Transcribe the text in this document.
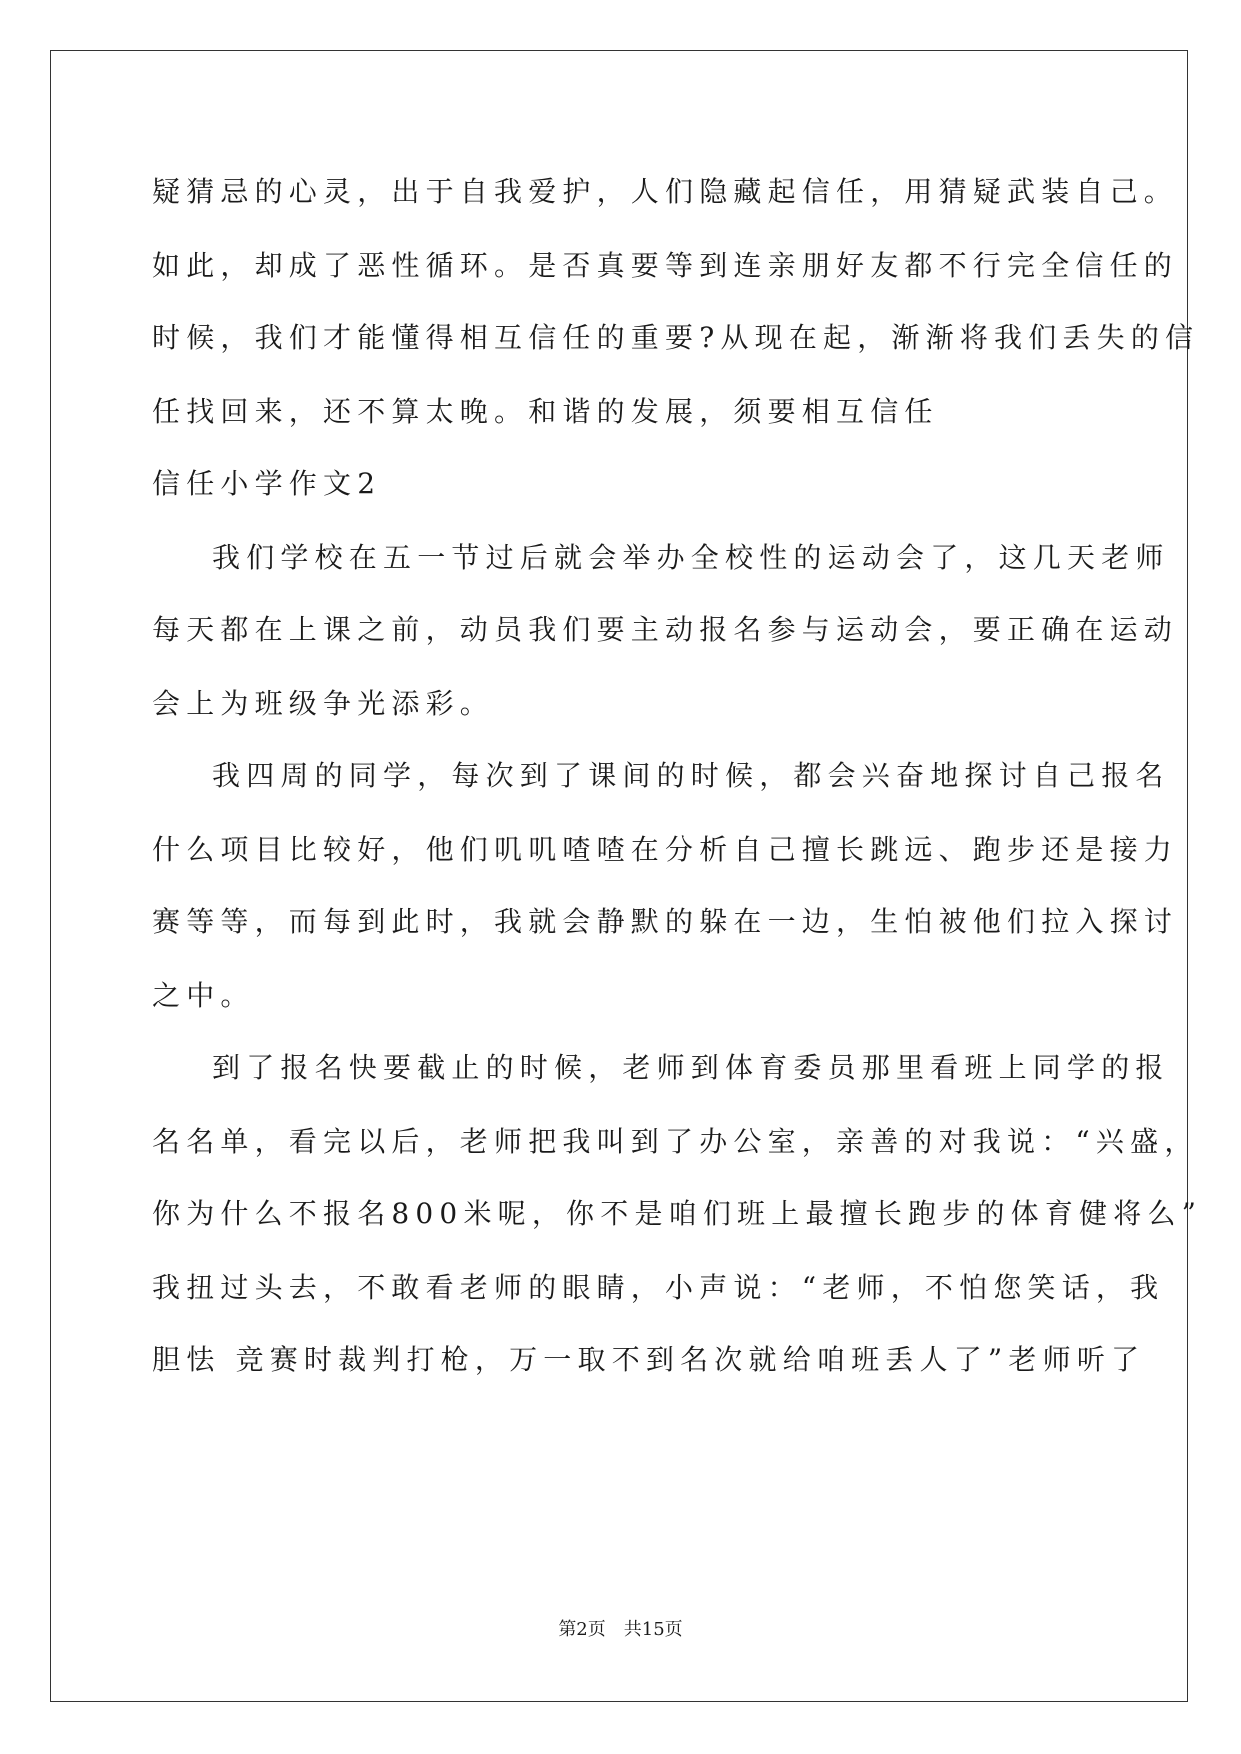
疑猜忌的心灵，出于自我爱护，人们隐藏起信任，用猜疑武装自己。
如此，却成了恶性循环。是否真要等到连亲朋好友都不行完全信任的
时候，我们才能懂得相互信任的重要?从现在起，渐渐将我们丢失的信
任找回来，还不算太晚。和谐的发展，须要相互信任
信任小学作文2
我们学校在五一节过后就会举办全校性的运动会了，这几天老师
每天都在上课之前，动员我们要主动报名参与运动会，要正确在运动
会上为班级争光添彩。
我四周的同学，每次到了课间的时候，都会兴奋地探讨自己报名
什么项目比较好，他们叽叽喳喳在分析自己擅长跳远、跑步还是接力
赛等等，而每到此时，我就会静默的躲在一边，生怕被他们拉入探讨
之中。
到了报名快要截止的时候，老师到体育委员那里看班上同学的报
名名单，看完以后，老师把我叫到了办公室，亲善的对我说：“兴盛，
你为什么不报名800米呢，你不是咱们班上最擅长跑步的体育健将么”
我扭过头去，不敢看老师的眼睛，小声说：“老师，不怕您笑话，我
胆怯 竞赛时裁判打枪，万一取不到名次就给咱班丢人了”老师听了
第2页 共15页
